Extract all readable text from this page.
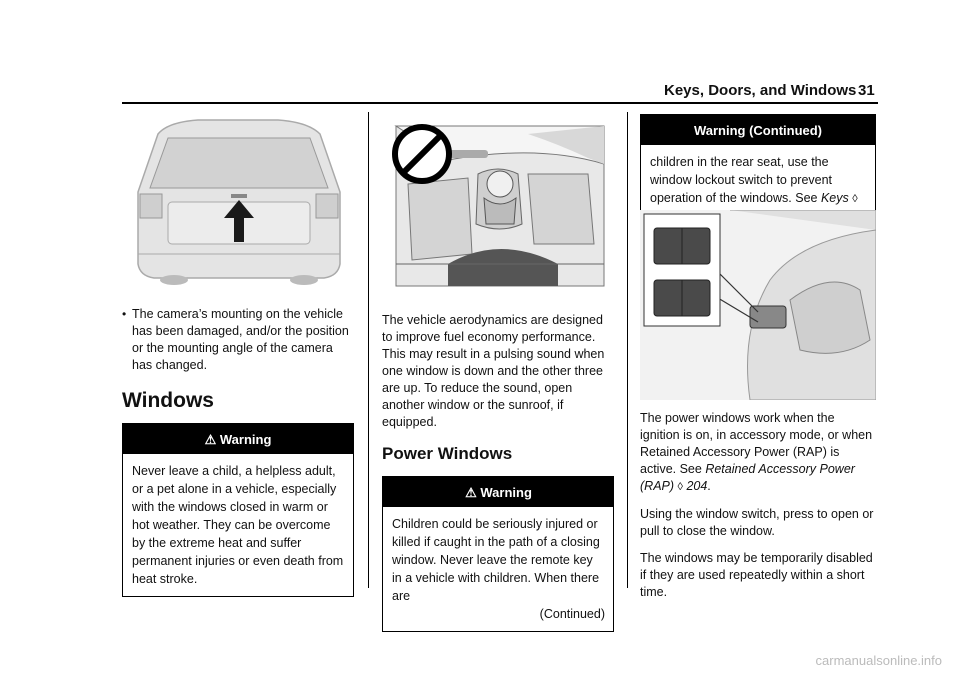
Keys, Doors, and Windows 31
• The camera’s mounting on the vehicle has been damaged, and/or the position or the mounting angle of the camera has changed.
Windows
⚠ Warning
Never leave a child, a helpless adult, or a pet alone in a vehicle, especially with the windows closed in warm or hot weather. They can be overcome by the extreme heat and suffer permanent injuries or even death from heat stroke.

The vehicle aerodynamics are designed to improve fuel economy performance. This may result in a pulsing sound when one window is down and the other three are up. To reduce the sound, open another window or the sunroof, if equipped.

Power Windows
⚠ Warning
Children could be seriously injured or killed if caught in the path of a closing window. Never leave the remote key in a vehicle with children. When there are
(Continued)
Warning (Continued)
children in the rear seat, use the window lockout switch to prevent operation of the windows. See Keys ◊

The power windows work when the ignition is on, in accessory mode, or when Retained Accessory Power (RAP) is active. See Retained Accessory Power (RAP) ◊ 204.

Using the window switch, press to open or pull to close the window.

The windows may be temporarily disabled if they are used repeatedly within a short time.

carmanualsonline.info
